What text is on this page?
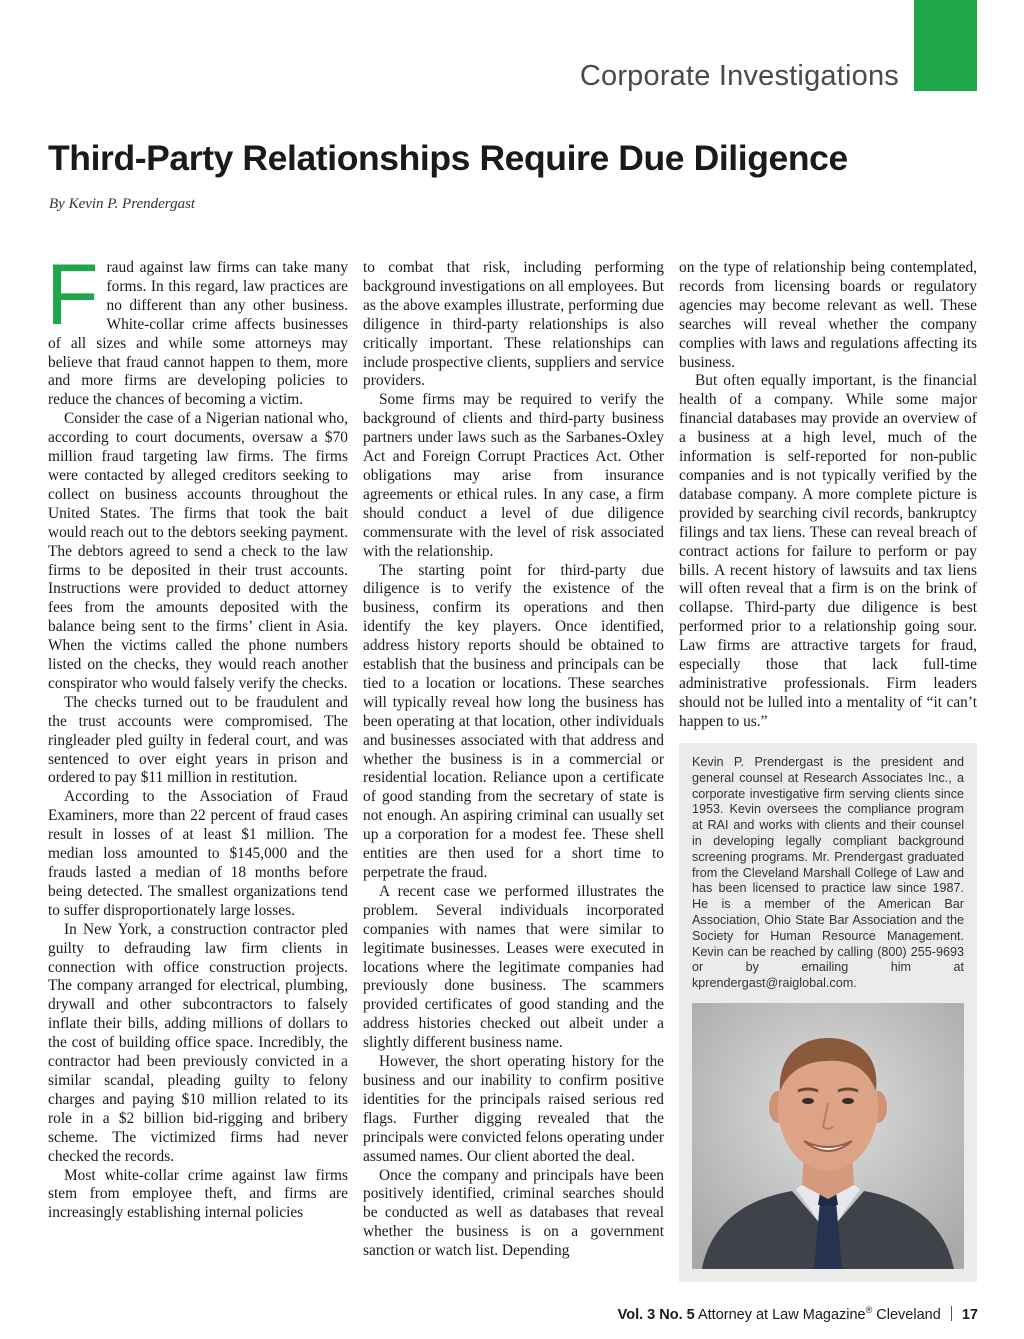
Corporate Investigations
Third-Party Relationships Require Due Diligence
By Kevin P. Prendergast

Fraud against law firms can take many forms. In this regard, law practices are no different than any other business. White-collar crime affects businesses of all sizes and while some attorneys may believe that fraud cannot happen to them, more and more firms are developing policies to reduce the chances of becoming a victim.

Consider the case of a Nigerian national who, according to court documents, oversaw a $70 million fraud targeting law firms. The firms were contacted by alleged creditors seeking to collect on business accounts throughout the United States. The firms that took the bait would reach out to the debtors seeking payment. The debtors agreed to send a check to the law firms to be deposited in their trust accounts. Instructions were provided to deduct attorney fees from the amounts deposited with the balance being sent to the firms’ client in Asia. When the victims called the phone numbers listed on the checks, they would reach another conspirator who would falsely verify the checks.

The checks turned out to be fraudulent and the trust accounts were compromised. The ringleader pled guilty in federal court, and was sentenced to over eight years in prison and ordered to pay $11 million in restitution.

According to the Association of Fraud Examiners, more than 22 percent of fraud cases result in losses of at least $1 million. The median loss amounted to $145,000 and the frauds lasted a median of 18 months before being detected. The smallest organizations tend to suffer disproportionately large losses.

In New York, a construction contractor pled guilty to defrauding law firm clients in connection with office construction projects. The company arranged for electrical, plumbing, drywall and other subcontractors to falsely inflate their bills, adding millions of dollars to the cost of building office space. Incredibly, the contractor had been previously convicted in a similar scandal, pleading guilty to felony charges and paying $10 million related to its role in a $2 billion bid-rigging and bribery scheme. The victimized firms had never checked the records.

Most white-collar crime against law firms stem from employee theft, and firms are increasingly establishing internal policies

to combat that risk, including performing background investigations on all employees. But as the above examples illustrate, performing due diligence in third-party relationships is also critically important. These relationships can include prospective clients, suppliers and service providers.

Some firms may be required to verify the background of clients and third-party business partners under laws such as the Sarbanes-Oxley Act and Foreign Corrupt Practices Act. Other obligations may arise from insurance agreements or ethical rules. In any case, a firm should conduct a level of due diligence commensurate with the level of risk associated with the relationship.

The starting point for third-party due diligence is to verify the existence of the business, confirm its operations and then identify the key players. Once identified, address history reports should be obtained to establish that the business and principals can be tied to a location or locations. These searches will typically reveal how long the business has been operating at that location, other individuals and businesses associated with that address and whether the business is in a commercial or residential location. Reliance upon a certificate of good standing from the secretary of state is not enough. An aspiring criminal can usually set up a corporation for a modest fee. These shell entities are then used for a short time to perpetrate the fraud.

A recent case we performed illustrates the problem. Several individuals incorporated companies with names that were similar to legitimate businesses. Leases were executed in locations where the legitimate companies had previously done business. The scammers provided certificates of good standing and the address histories checked out albeit under a slightly different business name.

However, the short operating history for the business and our inability to confirm positive identities for the principals raised serious red flags. Further digging revealed that the principals were convicted felons operating under assumed names. Our client aborted the deal.

Once the company and principals have been positively identified, criminal searches should be conducted as well as databases that reveal whether the business is on a government sanction or watch list. Depending

on the type of relationship being contemplated, records from licensing boards or regulatory agencies may become relevant as well. These searches will reveal whether the company complies with laws and regulations affecting its business.

But often equally important, is the financial health of a company. While some major financial databases may provide an overview of a business at a high level, much of the information is self-reported for non-public companies and is not typically verified by the database company. A more complete picture is provided by searching civil records, bankruptcy filings and tax liens. These can reveal breach of contract actions for failure to perform or pay bills. A recent history of lawsuits and tax liens will often reveal that a firm is on the brink of collapse. Third-party due diligence is best performed prior to a relationship going sour. Law firms are attractive targets for fraud, especially those that lack full-time administrative professionals. Firm leaders should not be lulled into a mentality of “it can’t happen to us.”

Kevin P. Prendergast is the president and general counsel at Research Associates Inc., a corporate investigative firm serving clients since 1953. Kevin oversees the compliance program at RAI and works with clients and their counsel in developing legally compliant background screening programs. Mr. Prendergast graduated from the Cleveland Marshall College of Law and has been licensed to practice law since 1987. He is a member of the American Bar Association, Ohio State Bar Association and the Society for Human Resource Management. Kevin can be reached by calling (800) 255-9693 or by emailing him at kprendergast@raiglobal.com.

Vol. 3 No. 5 Attorney at Law Magazine® Cleveland 17
